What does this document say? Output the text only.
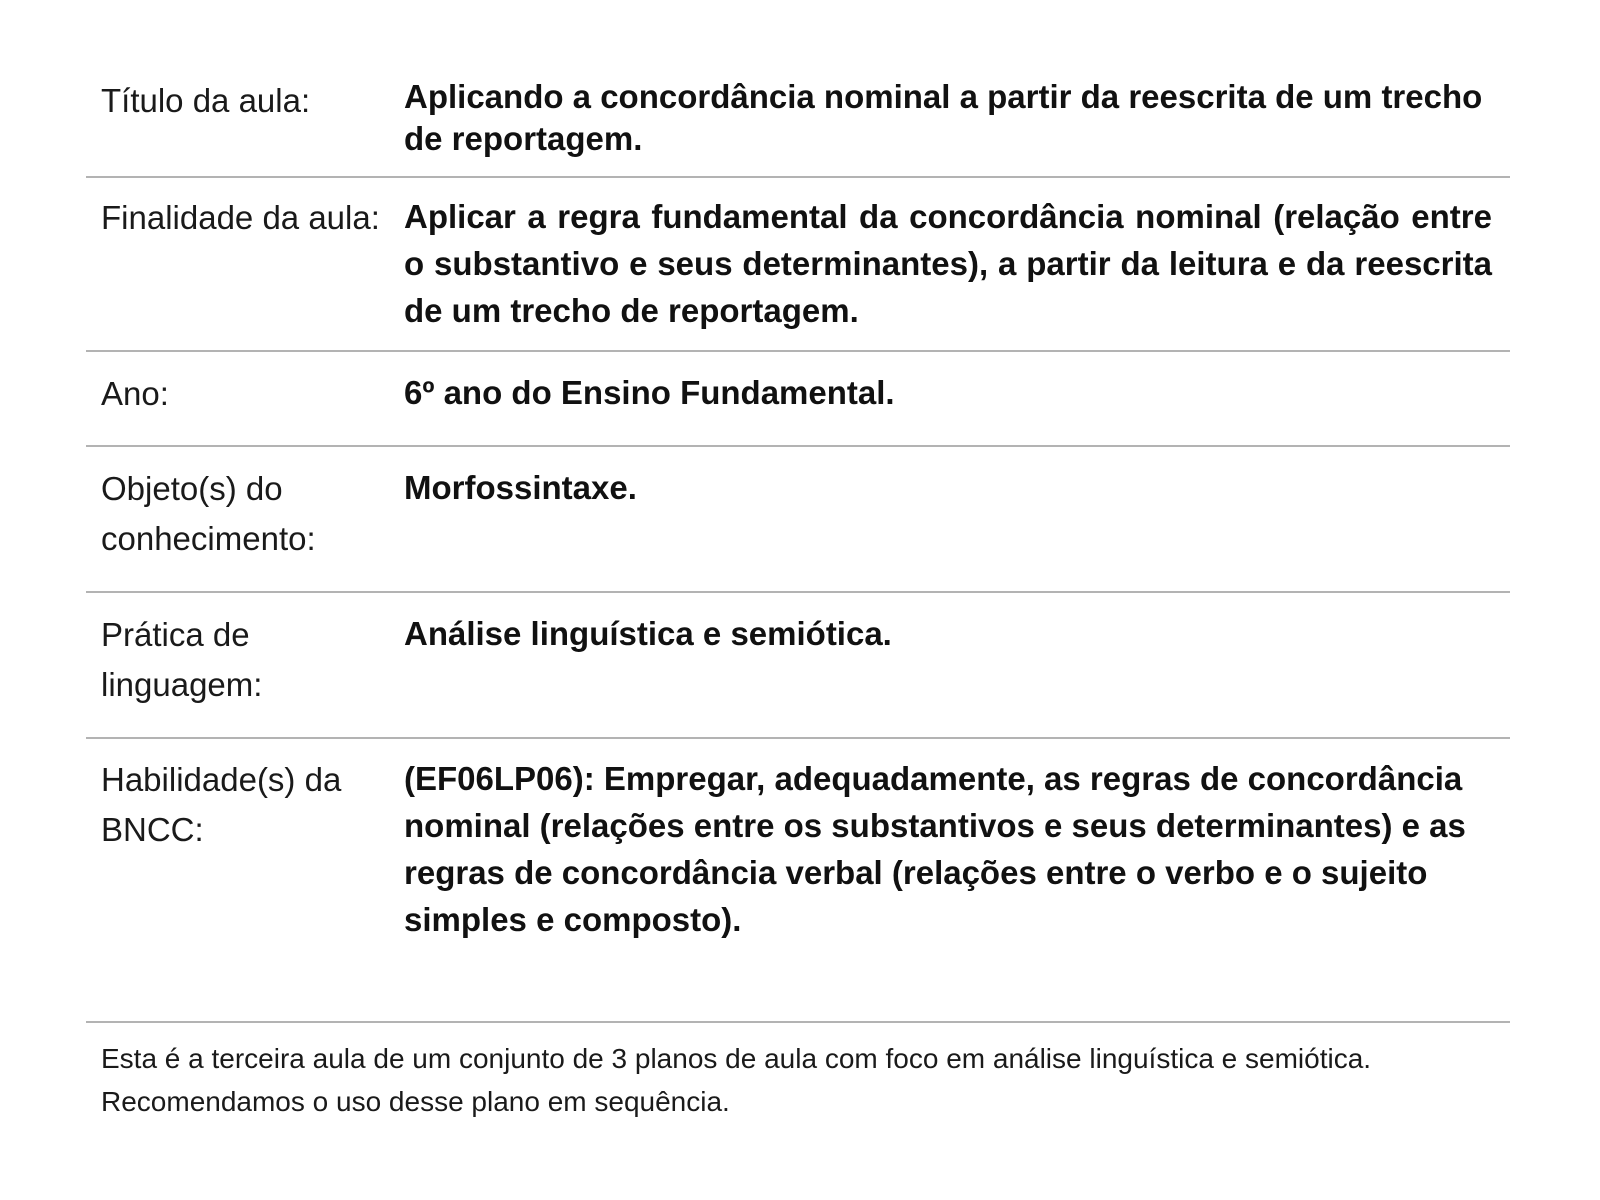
Título da aula:	Aplicando a concordância nominal a partir da reescrita de um trecho de reportagem.
Finalidade da aula: Aplicar a regra fundamental da concordância nominal (relação entre o substantivo e seus determinantes), a partir da leitura e da reescrita de um trecho de reportagem.
Ano:	6º ano do Ensino Fundamental.
Objeto(s) do conhecimento:
Morfossintaxe.
Prática de linguagem:
Análise linguística e semiótica.
Habilidade(s) da BNCC:
(EF06LP06): Empregar, adequadamente, as regras de concordância nominal (relações entre os substantivos e seus determinantes) e as regras de concordância verbal (relações entre o verbo e o sujeito simples e composto).
Esta é a terceira aula de um conjunto de 3 planos de aula com foco em análise linguística e semiótica. Recomendamos o uso desse plano em sequência.
